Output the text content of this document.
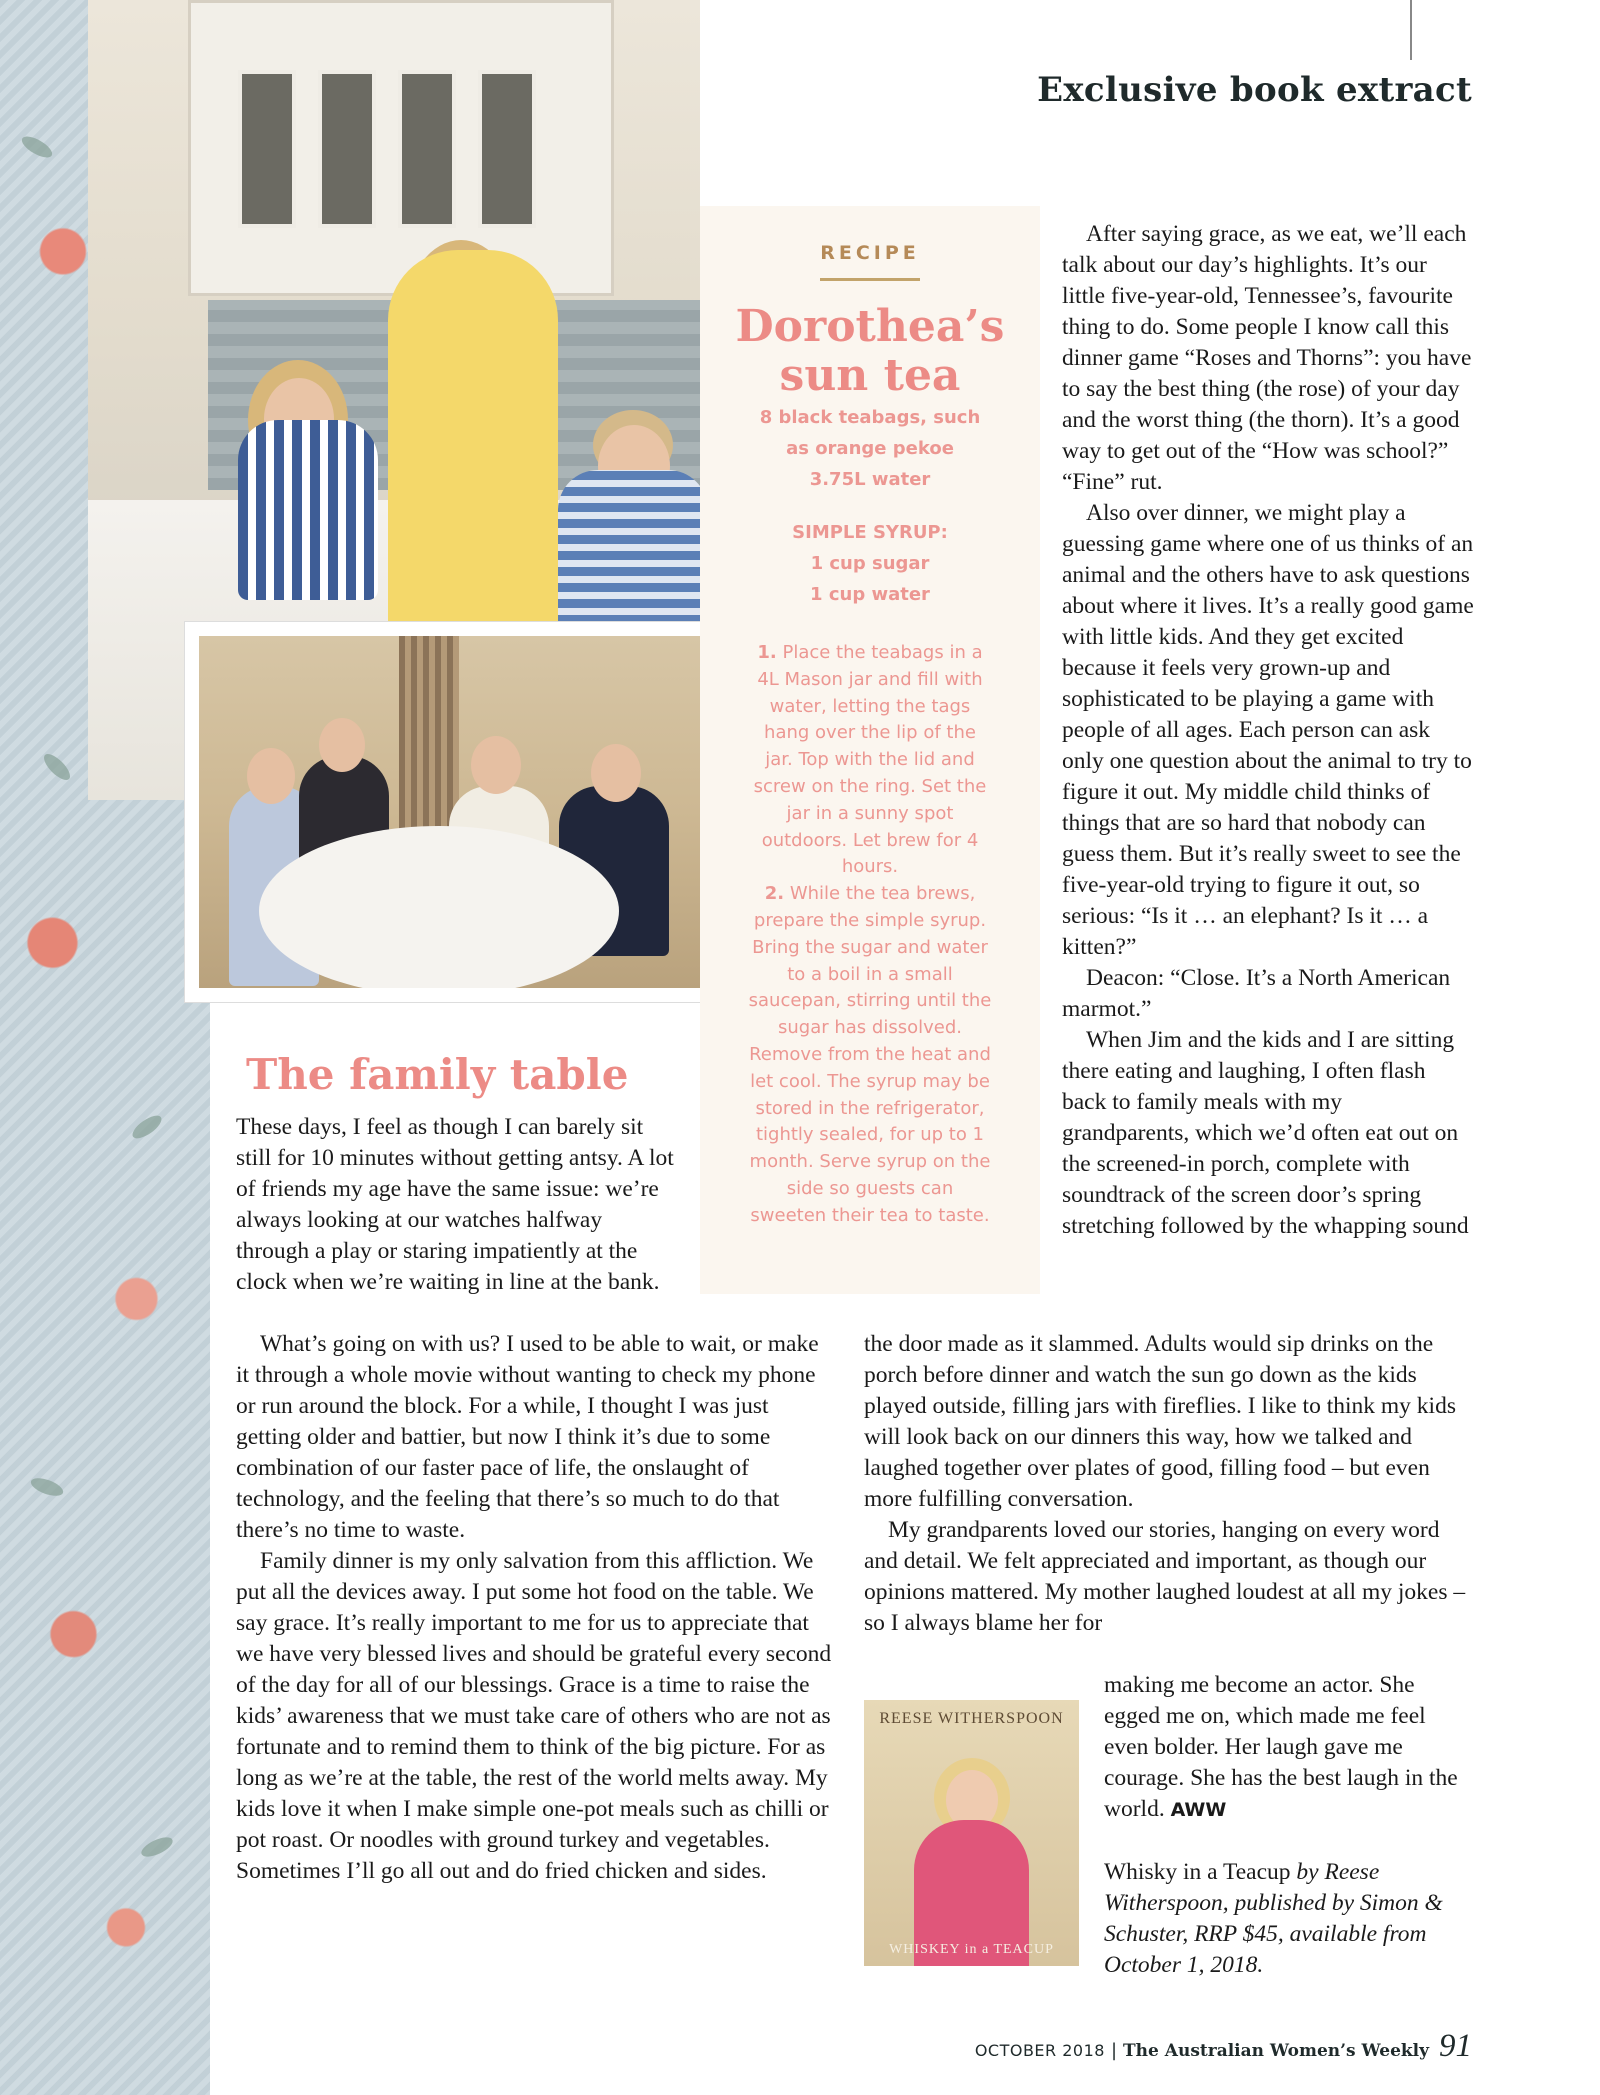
Exclusive book extract
RECIPE
Dorothea’s
sun tea

8 black teabags, such

as orange pekoe

3.75L water

SIMPLE SYRUP:

1 cup sugar

1 cup water

1. Place the teabags in a 4L Mason jar and fill with water, letting the tags hang over the lip of the jar. Top with the lid and screw on the ring. Set the jar in a sunny spot outdoors. Let brew for 4 hours.
2. While the tea brews, prepare the simple syrup. Bring the sugar and water to a boil in a small saucepan, stirring until the sugar has dissolved. Remove from the heat and let cool. The syrup may be stored in the refrigerator, tightly sealed, for up to 1 month. Serve syrup on the side so guests can sweeten their tea to taste.

The family table

These days, I feel as though I can barely sit still for 10 minutes without getting antsy. A lot of friends my age have the same issue: we’re always looking at our watches halfway through a play or staring impatiently at the clock when we’re waiting in line at the bank.

What’s going on with us? I used to be able to wait, or make it through a whole movie without wanting to check my phone or run around the block. For a while, I thought I was just getting older and battier, but now I think it’s due to some combination of our faster pace of life, the onslaught of technology, and the feeling that there’s so much to do that there’s no time to waste.

Family dinner is my only salvation from this affliction. We put all the devices away. I put some hot food on the table. We say grace. It’s really important to me for us to appreciate that we have very blessed lives and should be grateful every second of the day for all of our blessings. Grace is a time to raise the kids’ awareness that we must take care of others who are not as fortunate and to remind them to think of the big picture. For as long as we’re at the table, the rest of the world melts away. My kids love it when I make simple one-pot meals such as chilli or pot roast. Or noodles with ground turkey and vegetables. Sometimes I’ll go all out and do fried chicken and sides.

After saying grace, as we eat, we’ll each talk about our day’s highlights. It’s our little five-year-old, Tennessee’s, favourite thing to do. Some people I know call this dinner game “Roses and Thorns”: you have to say the best thing (the rose) of your day and the worst thing (the thorn). It’s a good way to get out of the “How was school?” “Fine” rut.

Also over dinner, we might play a guessing game where one of us thinks of an animal and the others have to ask questions about where it lives. It’s a really good game with little kids. And they get excited because it feels very grown-up and sophisticated to be playing a game with people of all ages. Each person can ask only one question about the animal to try to figure it out. My middle child thinks of things that are so hard that nobody can guess them. But it’s really sweet to see the five-year-old trying to figure it out, so serious: “Is it … an elephant? Is it … a kitten?”

Deacon: “Close. It’s a North American marmot.”

When Jim and the kids and I are sitting there eating and laughing, I often flash back to family meals with my grandparents, which we’d often eat out on the screened-in porch, complete with soundtrack of the screen door’s spring stretching followed by the whapping sound

the door made as it slammed. Adults would sip drinks on the porch before dinner and watch the sun go down as the kids played outside, filling jars with fireflies. I like to think my kids will look back on our dinners this way, how we talked and laughed together over plates of good, filling food – but even more fulfilling conversation.

My grandparents loved our stories, hanging on every word and detail. We felt appreciated and important, as though our opinions mattered. My mother laughed loudest at all my jokes – so I always blame her for

REESE WITHERSPOON
WHISKEY in a TEACUP

making me become an actor. She egged me on, which made me feel even bolder. Her laugh gave me courage. She has the best laugh in the world. AWW

Whisky in a Teacup by Reese Witherspoon, published by Simon & Schuster, RRP $45, available from October 1, 2018.

OCTOBER 2018 | The Australian Women’s Weekly 91
